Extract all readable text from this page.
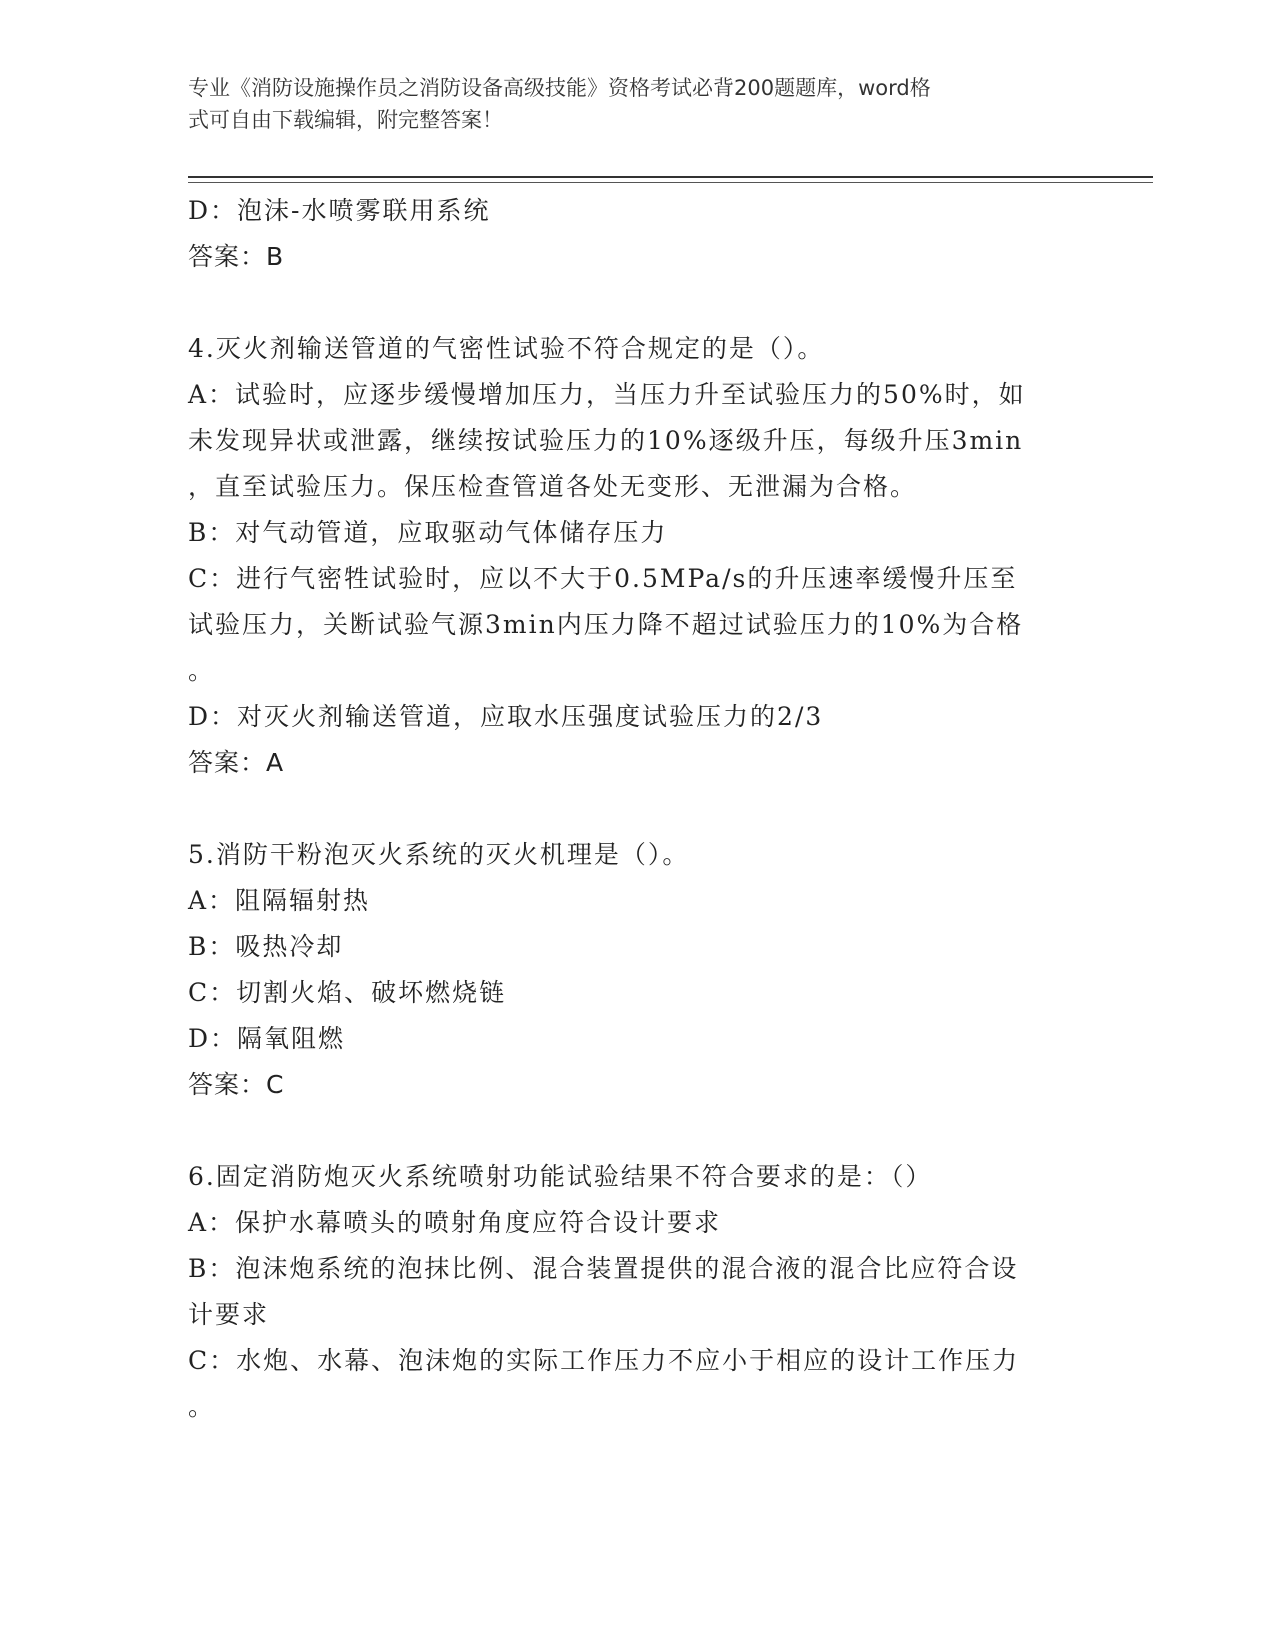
专业《消防设施操作员之消防设备高级技能》资格考试必背200题题库，word格
式可自由下载编辑，附完整答案！
D：泡沫-水喷雾联用系统
答案：B
4.灭火剂输送管道的气密性试验不符合规定的是（）。
A：试验时，应逐步缓慢增加压力，当压力升至试验压力的50%时，如
未发现异状或泄露，继续按试验压力的10%逐级升压，每级升压3min
，直至试验压力。保压检查管道各处无变形、无泄漏为合格。
B：对气动管道，应取驱动气体储存压力
C：进行气密牲试验时，应以不大于0.5MPa/s的升压速率缓慢升压至
试验压力，关断试验气源3min内压力降不超过试验压力的10%为合格
。
D：对灭火剂输送管道，应取水压强度试验压力的2/3
答案：A
5.消防干粉泡灭火系统的灭火机理是（）。
A：阻隔辐射热
B：吸热冷却
C：切割火焰、破坏燃烧链
D：隔氧阻燃
答案：C
6.固定消防炮灭火系统喷射功能试验结果不符合要求的是：（）
A：保护水幕喷头的喷射角度应符合设计要求
B：泡沫炮系统的泡抹比例、混合装置提供的混合液的混合比应符合设
计要求
C：水炮、水幕、泡沫炮的实际工作压力不应小于相应的设计工作压力
。
